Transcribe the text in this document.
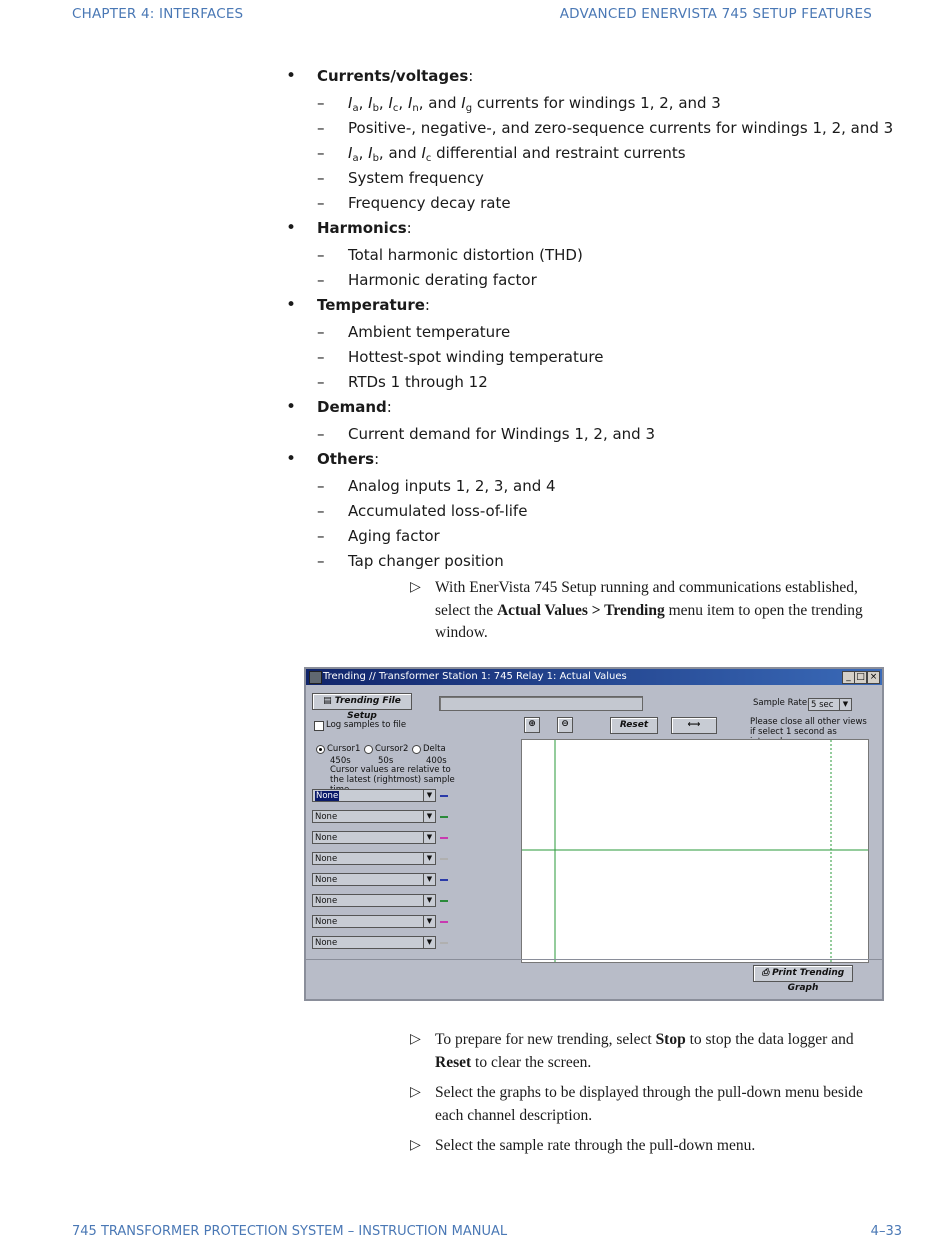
CHAPTER 4: INTERFACES	ADVANCED ENERVISTA 745 SETUP FEATURES
• Currents/voltages:
– $I_a$, $I_b$, $I_c$, $I_n$, and $I_g$ currents for windings 1, 2, and 3
– Positive-, negative-, and zero-sequence currents for windings 1, 2, and 3
– $I_a$, $I_b$, and $I_c$ differential and restraint currents
– System frequency
– Frequency decay rate
• Harmonics:
– Total harmonic distortion (THD)
– Harmonic derating factor
• Temperature:
– Ambient temperature
– Hottest-spot winding temperature
– RTDs 1 through 12
• Demand:
– Current demand for Windings 1, 2, and 3
• Others:
– Analog inputs 1, 2, 3, and 4
– Accumulated loss-of-life
– Aging factor
– Tap changer position
▷ With EnerVista 745 Setup running and communications established, select the Actual Values > Trending menu item to open the trending window.
Trending // Transformer Station 1: 745 Relay 1: Actual Values	_ □ ×
▤ Trending File Setup
Sample Rate 5 sec	▼
Log samples to file	⊕	⊖	Reset	⟷	Please close all other views if select 1 second as
Cursor1 Cursor2 Delta
450s	50s	400s
Cursor values are relative to the latest (rightmost) sample
None	▼
None	▼
None	▼
None	▼
None	▼
None	▼
None	▼
None	▼
⎙ Print Trending Graph
▷ To prepare for new trending, select Stop to stop the data logger and Reset to clear the screen.
▷ Select the graphs to be displayed through the pull-down menu beside each channel description.
▷ Select the sample rate through the pull-down menu.
745 TRANSFORMER PROTECTION SYSTEM – INSTRUCTION MANUAL	4–33
